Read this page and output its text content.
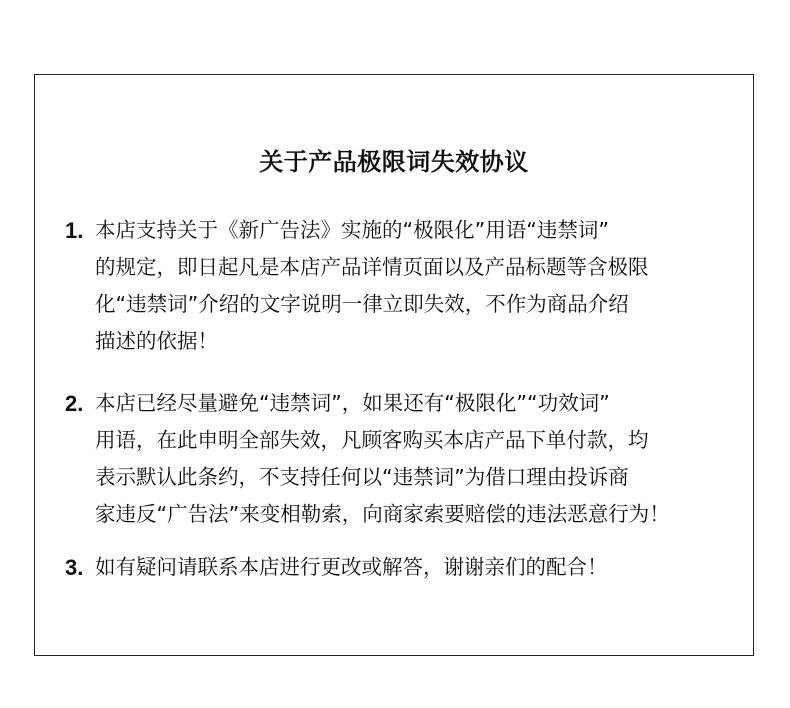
关于产品极限词失效协议
1. 本店支持关于《新广告法》实施的“极限化”用语“违禁词”
的规定，即日起凡是本店产品详情页面以及产品标题等含极限
化“违禁词”介绍的文字说明一律立即失效，不作为商品介绍
描述的依据！
2. 本店已经尽量避免“违禁词”，如果还有“极限化”“功效词”
用语，在此申明全部失效，凡顾客购买本店产品下单付款，均
表示默认此条约，不支持任何以“违禁词”为借口理由投诉商
家违反“广告法”来变相勒索，向商家索要赔偿的违法恶意行为！
3. 如有疑问请联系本店进行更改或解答，谢谢亲们的配合！
